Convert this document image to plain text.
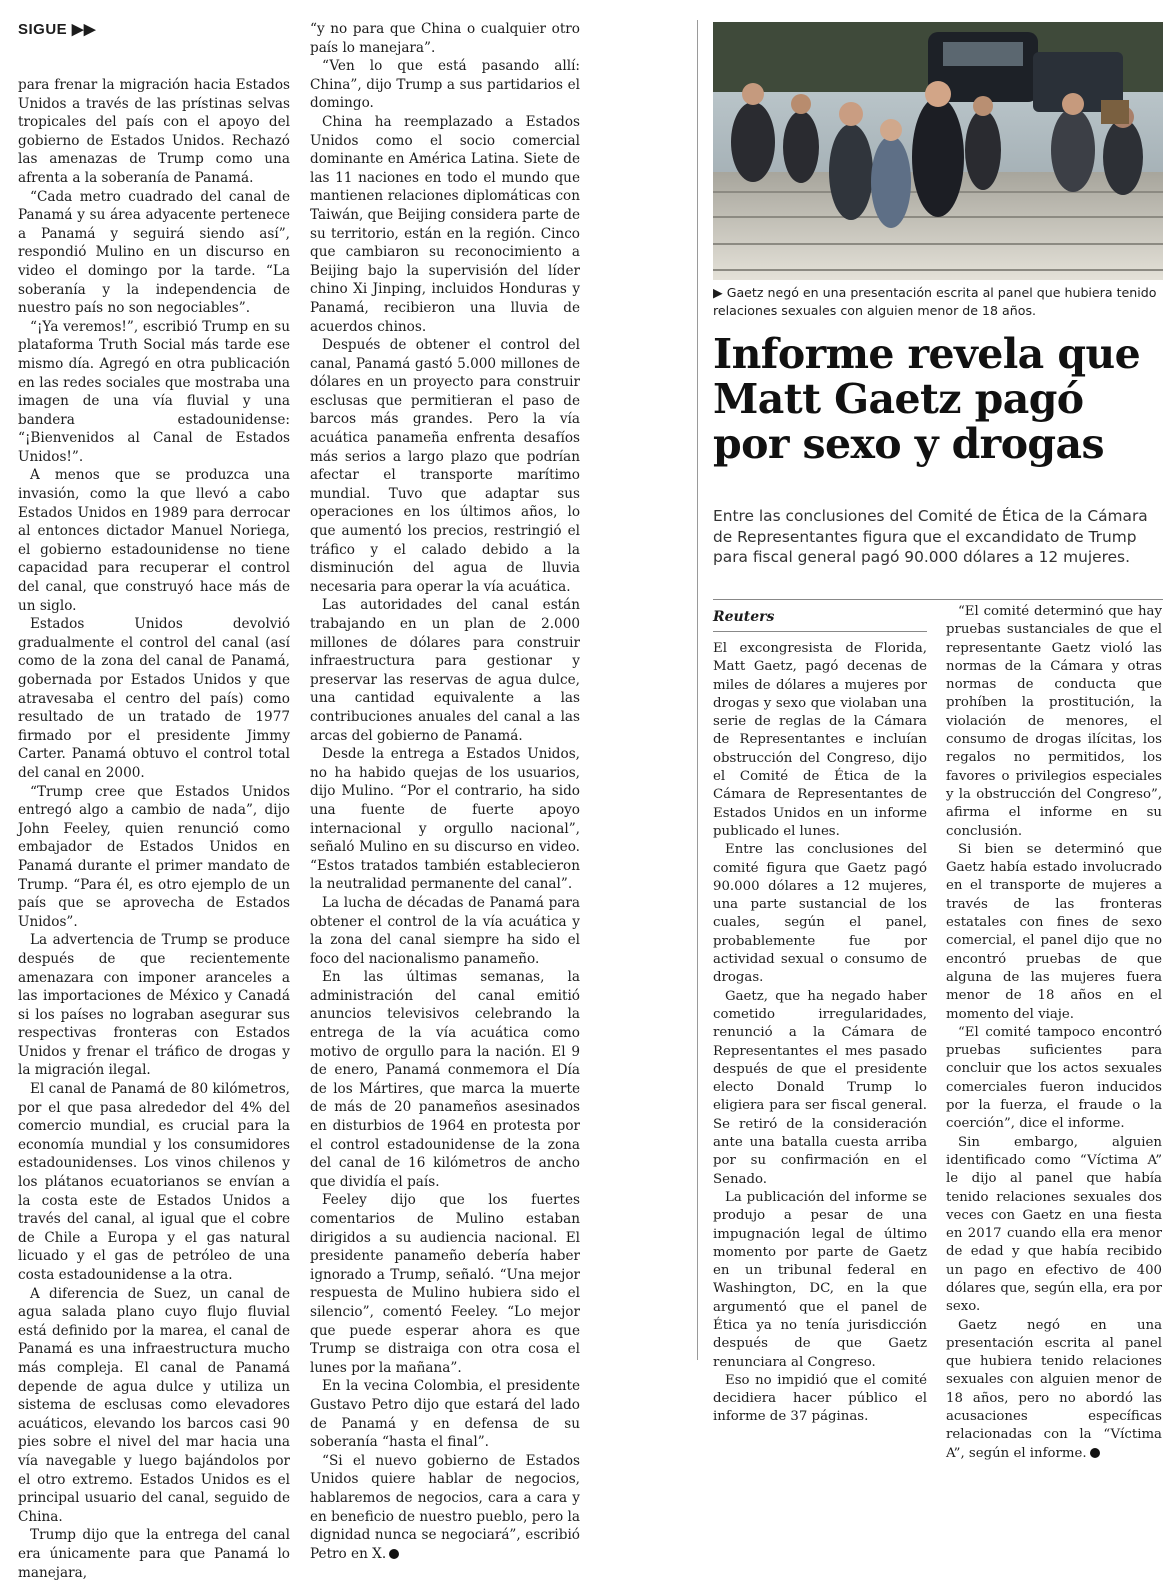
SIGUE ▶▶

para frenar la migración hacia Estados Unidos a través de las prístinas selvas tropicales del país con el apoyo del gobierno de Estados Unidos. Rechazó las amenazas de Trump como una afrenta a la soberanía de Panamá.

“Cada metro cuadrado del canal de Panamá y su área adyacente pertenece a Panamá y seguirá siendo así”, respondió Mulino en un discurso en video el domingo por la tarde. “La soberanía y la independencia de nuestro país no son negociables”.

“¡Ya veremos!”, escribió Trump en su plataforma Truth Social más tarde ese mismo día. Agregó en otra publicación en las redes sociales que mostraba una imagen de una vía fluvial y una bandera estadounidense: “¡Bienvenidos al Canal de Estados Unidos!”.

A menos que se produzca una invasión, como la que llevó a cabo Estados Unidos en 1989 para derrocar al entonces dictador Manuel Noriega, el gobierno estadounidense no tiene capacidad para recuperar el control del canal, que construyó hace más de un siglo.

Estados Unidos devolvió gradualmente el control del canal (así como de la zona del canal de Panamá, gobernada por Estados Unidos y que atravesaba el centro del país) como resultado de un tratado de 1977 firmado por el presidente Jimmy Carter. Panamá obtuvo el control total del canal en 2000.

“Trump cree que Estados Unidos entregó algo a cambio de nada”, dijo John Feeley, quien renunció como embajador de Estados Unidos en Panamá durante el primer mandato de Trump. “Para él, es otro ejemplo de un país que se aprovecha de Estados Unidos”.

La advertencia de Trump se produce después de que recientemente amenazara con imponer aranceles a las importaciones de México y Canadá si los países no lograban asegurar sus respectivas fronteras con Estados Unidos y frenar el tráfico de drogas y la migración ilegal.

El canal de Panamá de 80 kilómetros, por el que pasa alrededor del 4% del comercio mundial, es crucial para la economía mundial y los consumidores estadounidenses. Los vinos chilenos y los plátanos ecuatorianos se envían a la costa este de Estados Unidos a través del canal, al igual que el cobre de Chile a Europa y el gas natural licuado y el gas de petróleo de una costa estadounidense a la otra.

A diferencia de Suez, un canal de agua salada plano cuyo flujo fluvial está definido por la marea, el canal de Panamá es una infraestructura mucho más compleja. El canal de Panamá depende de agua dulce y utiliza un sistema de esclusas como elevadores acuáticos, elevando los barcos casi 90 pies sobre el nivel del mar hacia una vía navegable y luego bajándolos por el otro extremo. Estados Unidos es el principal usuario del canal, seguido de China.

Trump dijo que la entrega del canal era únicamente para que Panamá lo manejara,

“y no para que China o cualquier otro país lo manejara”.

“Ven lo que está pasando allí: China”, dijo Trump a sus partidarios el domingo.

China ha reemplazado a Estados Unidos como el socio comercial dominante en América Latina. Siete de las 11 naciones en todo el mundo que mantienen relaciones diplomáticas con Taiwán, que Beijing considera parte de su territorio, están en la región. Cinco que cambiaron su reconocimiento a Beijing bajo la supervisión del líder chino Xi Jinping, incluidos Honduras y Panamá, recibieron una lluvia de acuerdos chinos.

Después de obtener el control del canal, Panamá gastó 5.000 millones de dólares en un proyecto para construir esclusas que permitieran el paso de barcos más grandes. Pero la vía acuática panameña enfrenta desafíos más serios a largo plazo que podrían afectar el transporte marítimo mundial. Tuvo que adaptar sus operaciones en los últimos años, lo que aumentó los precios, restringió el tráfico y el calado debido a la disminución del agua de lluvia necesaria para operar la vía acuática.

Las autoridades del canal están trabajando en un plan de 2.000 millones de dólares para construir infraestructura para gestionar y preservar las reservas de agua dulce, una cantidad equivalente a las contribuciones anuales del canal a las arcas del gobierno de Panamá.

Desde la entrega a Estados Unidos, no ha habido quejas de los usuarios, dijo Mulino. “Por el contrario, ha sido una fuente de fuerte apoyo internacional y orgullo nacional”, señaló Mulino en su discurso en video. “Estos tratados también establecieron la neutralidad permanente del canal”.

La lucha de décadas de Panamá para obtener el control de la vía acuática y la zona del canal siempre ha sido el foco del nacionalismo panameño.

En las últimas semanas, la administración del canal emitió anuncios televisivos celebrando la entrega de la vía acuática como motivo de orgullo para la nación. El 9 de enero, Panamá conmemora el Día de los Mártires, que marca la muerte de más de 20 panameños asesinados en disturbios de 1964 en protesta por el control estadounidense de la zona del canal de 16 kilómetros de ancho que dividía el país.

Feeley dijo que los fuertes comentarios de Mulino estaban dirigidos a su audiencia nacional. El presidente panameño debería haber ignorado a Trump, señaló. “Una mejor respuesta de Mulino hubiera sido el silencio”, comentó Feeley. “Lo mejor que puede esperar ahora es que Trump se distraiga con otra cosa el lunes por la mañana”.

En la vecina Colombia, el presidente Gustavo Petro dijo que estará del lado de Panamá y en defensa de su soberanía “hasta el final”.

“Si el nuevo gobierno de Estados Unidos quiere hablar de negocios, hablaremos de negocios, cara a cara y en beneficio de nuestro pueblo, pero la dignidad nunca se negociará”, escribió Petro en X.

▶ Gaetz negó en una presentación escrita al panel que hubiera tenido relaciones sexuales con alguien menor de 18 años.
Informe revela que Matt Gaetz pagó por sexo y drogas

Entre las conclusiones del Comité de Ética de la Cámara de Representantes figura que el excandidato de Trump para fiscal general pagó 90.000 dólares a 12 mujeres.

Reuters

El excongresista de Florida, Matt Gaetz, pagó decenas de miles de dólares a mujeres por drogas y sexo que violaban una serie de reglas de la Cámara de Representantes e incluían obstrucción del Congreso, dijo el Comité de Ética de la Cámara de Representantes de Estados Unidos en un informe publicado el lunes.

Entre las conclusiones del comité figura que Gaetz pagó 90.000 dólares a 12 mujeres, una parte sustancial de los cuales, según el panel, probablemente fue por actividad sexual o consumo de drogas.

Gaetz, que ha negado haber cometido irregularidades, renunció a la Cámara de Representantes el mes pasado después de que el presidente electo Donald Trump lo eligiera para ser fiscal general. Se retiró de la consideración ante una batalla cuesta arriba por su confirmación en el Senado.

La publicación del informe se produjo a pesar de una impugnación legal de último momento por parte de Gaetz en un tribunal federal en Washington, DC, en la que argumentó que el panel de Ética ya no tenía jurisdicción después de que Gaetz renunciara al Congreso.

Eso no impidió que el comité decidiera hacer público el informe de 37 páginas.

“El comité determinó que hay pruebas sustanciales de que el representante Gaetz violó las normas de la Cámara y otras normas de conducta que prohíben la prostitución, la violación de menores, el consumo de drogas ilícitas, los regalos no permitidos, los favores o privilegios especiales y la obstrucción del Congreso”, afirma el informe en su conclusión.

Si bien se determinó que Gaetz había estado involucrado en el transporte de mujeres a través de las fronteras estatales con fines de sexo comercial, el panel dijo que no encontró pruebas de que alguna de las mujeres fuera menor de 18 años en el momento del viaje.

“El comité tampoco encontró pruebas suficientes para concluir que los actos sexuales comerciales fueron inducidos por la fuerza, el fraude o la coerción”, dice el informe.

Sin embargo, alguien identificado como “Víctima A” le dijo al panel que había tenido relaciones sexuales dos veces con Gaetz en una fiesta en 2017 cuando ella era menor de edad y que había recibido un pago en efectivo de 400 dólares que, según ella, era por sexo.

Gaetz negó en una presentación escrita al panel que hubiera tenido relaciones sexuales con alguien menor de 18 años, pero no abordó las acusaciones específicas relacionadas con la “Víctima A”, según el informe.
